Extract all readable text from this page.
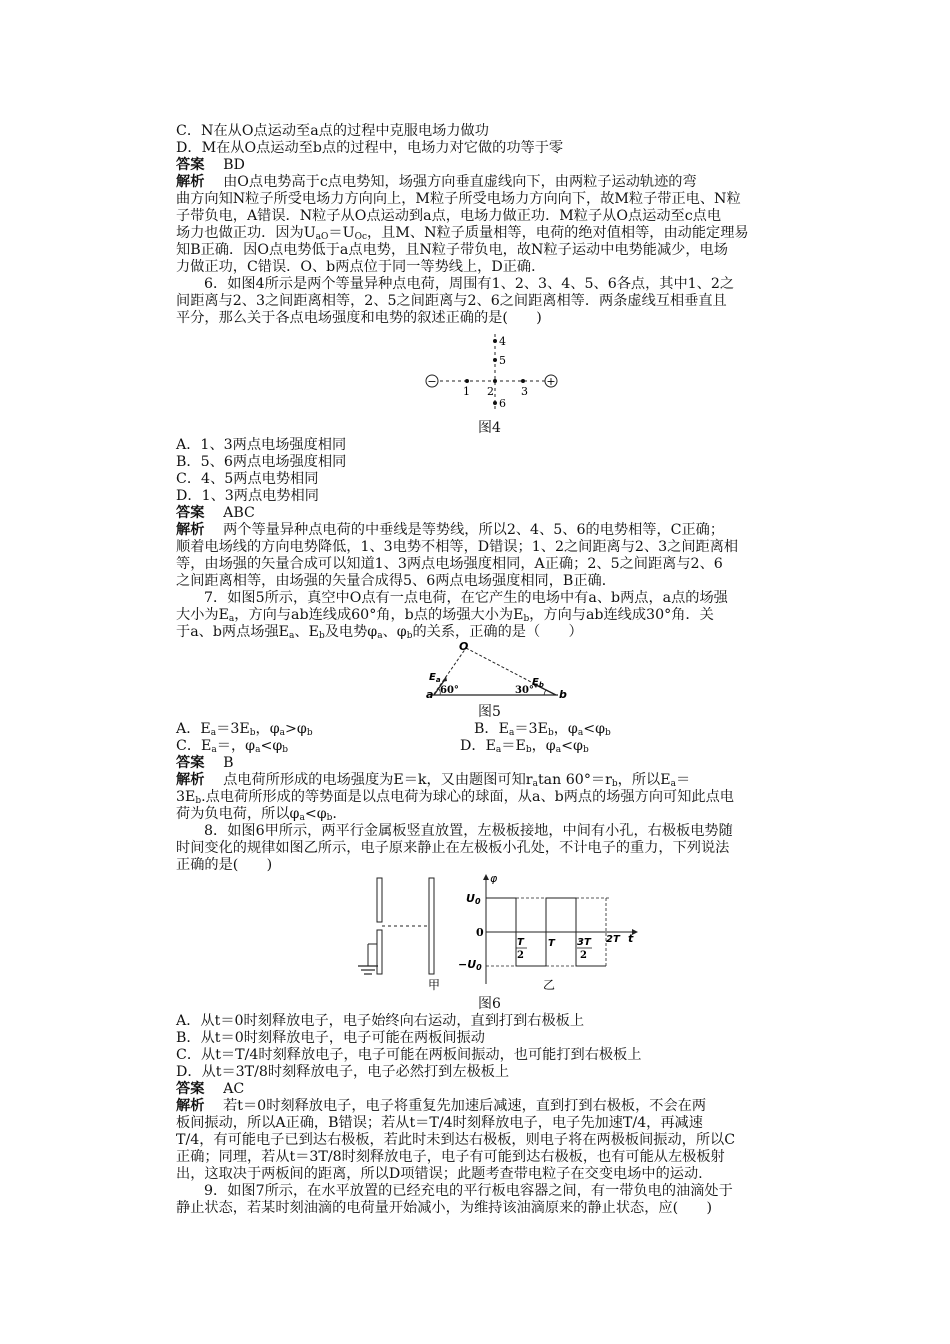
C．N在从O点运动至a点的过程中克服电场力做功
D．M在从O点运动至b点的过程中，电场力对它做的功等于零
答案　 BD
解析　 由O点电势高于c点电势知，场强方向垂直虚线向下，由两粒子运动轨迹的弯
曲方向知N粒子所受电场力方向向上，M粒子所受电场力方向向下，故M粒子带正电、N粒
子带负电，A错误．N粒子从O点运动到a点，电场力做正功．M粒子从O点运动至c点电
场力也做正功．因为$U_{aO}=U_{Oc}$，且M、N粒子质量相等，电荷的绝对值相等，由动能定理易
知B正确．因O点电势低于a点电势，且N粒子带负电，故N粒子运动中电势能减少，电场
力做正功，C错误．O、b两点位于同一等势线上，D正确．
6．如图4所示是两个等量异种点电荷，周围有1、2、3、4、5、6各点，其中1、2之
间距离与2、3之间距离相等，2、5之间距离与2、6之间距离相等．两条虚线互相垂直且
平分，那么关于各点电场强度和电势的叙述正确的是(　　)
−	+
1 2 3
4
5
6
图4
A．1、3两点电场强度相同
B．5、6两点电场强度相同
C．4、5两点电势相同
D．1、3两点电势相同
答案　 ABC
解析　 两个等量异种点电荷的中垂线是等势线，所以2、4、5、6的电势相等，C正确；
顺着电场线的方向电势降低，1、3电势不相等，D错误；1、2之间距离与2、3之间距离相
等，由场强的矢量合成可以知道1、3两点电场强度相同，A正确；2、5之间距离与2、6
之间距离相等，由场强的矢量合成得5、6两点电场强度相同，B正确．
7．如图5所示，真空中O点有一点电荷，在它产生的电场中有a、b两点，a点的场强
大小为$E_a$，方向与ab连线成60°角，b点的场强大小为$E_b$，方向与ab连线成30°角．关
于a、b两点场强$E_a$、$E_b$及电势$\varphi_a$、$\varphi_b$的关系，正确的是（　　）
O
$E_a$	$E_b$
a	b
60°	30°
图5
A．$E_a=3E_b$，$\varphi_a>\varphi_b$	B．$E_a=3E_b$，$\varphi_a<\varphi_b$
C．$E_a=$，$\varphi_a<\varphi_b$	D．$E_a=E_b$，$\varphi_a<\varphi_b$
答案　 B
解析　 点电荷所形成的电场强度为E＝k，又由题图可知$r_a\tan$ $60^\circ=r_b$，所以$E_a=$
$3E_b$.点电荷所形成的等势面是以点电荷为球心的球面，从a、b两点的场强方向可知此点电
荷为负电荷，所以$\varphi_a<\varphi_b$.
8．如图6甲所示，两平行金属板竖直放置，左极板接地，中间有小孔，右极板电势随
时间变化的规律如图乙所示，电子原来静止在左极板小孔处，不计电子的重力，下列说法
正确的是(　　)
甲
φ
U0
−U0
0	t
T
2
T 3T
2
2T
乙
图6
A．从t＝0时刻释放电子，电子始终向右运动，直到打到右极板上
B．从t＝0时刻释放电子，电子可能在两板间振动
C．从t＝T/4时刻释放电子，电子可能在两板间振动，也可能打到右极板上
D．从t＝3T/8时刻释放电子，电子必然打到左极板上
答案　 AC
解析　 若t＝0时刻释放电子，电子将重复先加速后减速，直到打到右极板，不会在两
板间振动，所以A正确，B错误；若从t＝T/4时刻释放电子，电子先加速T/4，再减速
T/4，有可能电子已到达右极板，若此时未到达右极板，则电子将在两极板间振动，所以C
正确；同理，若从t＝3T/8时刻释放电子，电子有可能到达右极板，也有可能从左极板射
出，这取决于两板间的距离，所以D项错误；此题考查带电粒子在交变电场中的运动.
9．如图7所示，在水平放置的已经充电的平行板电容器之间，有一带负电的油滴处于
静止状态，若某时刻油滴的电荷量开始减小，为维持该油滴原来的静止状态，应(　　)
